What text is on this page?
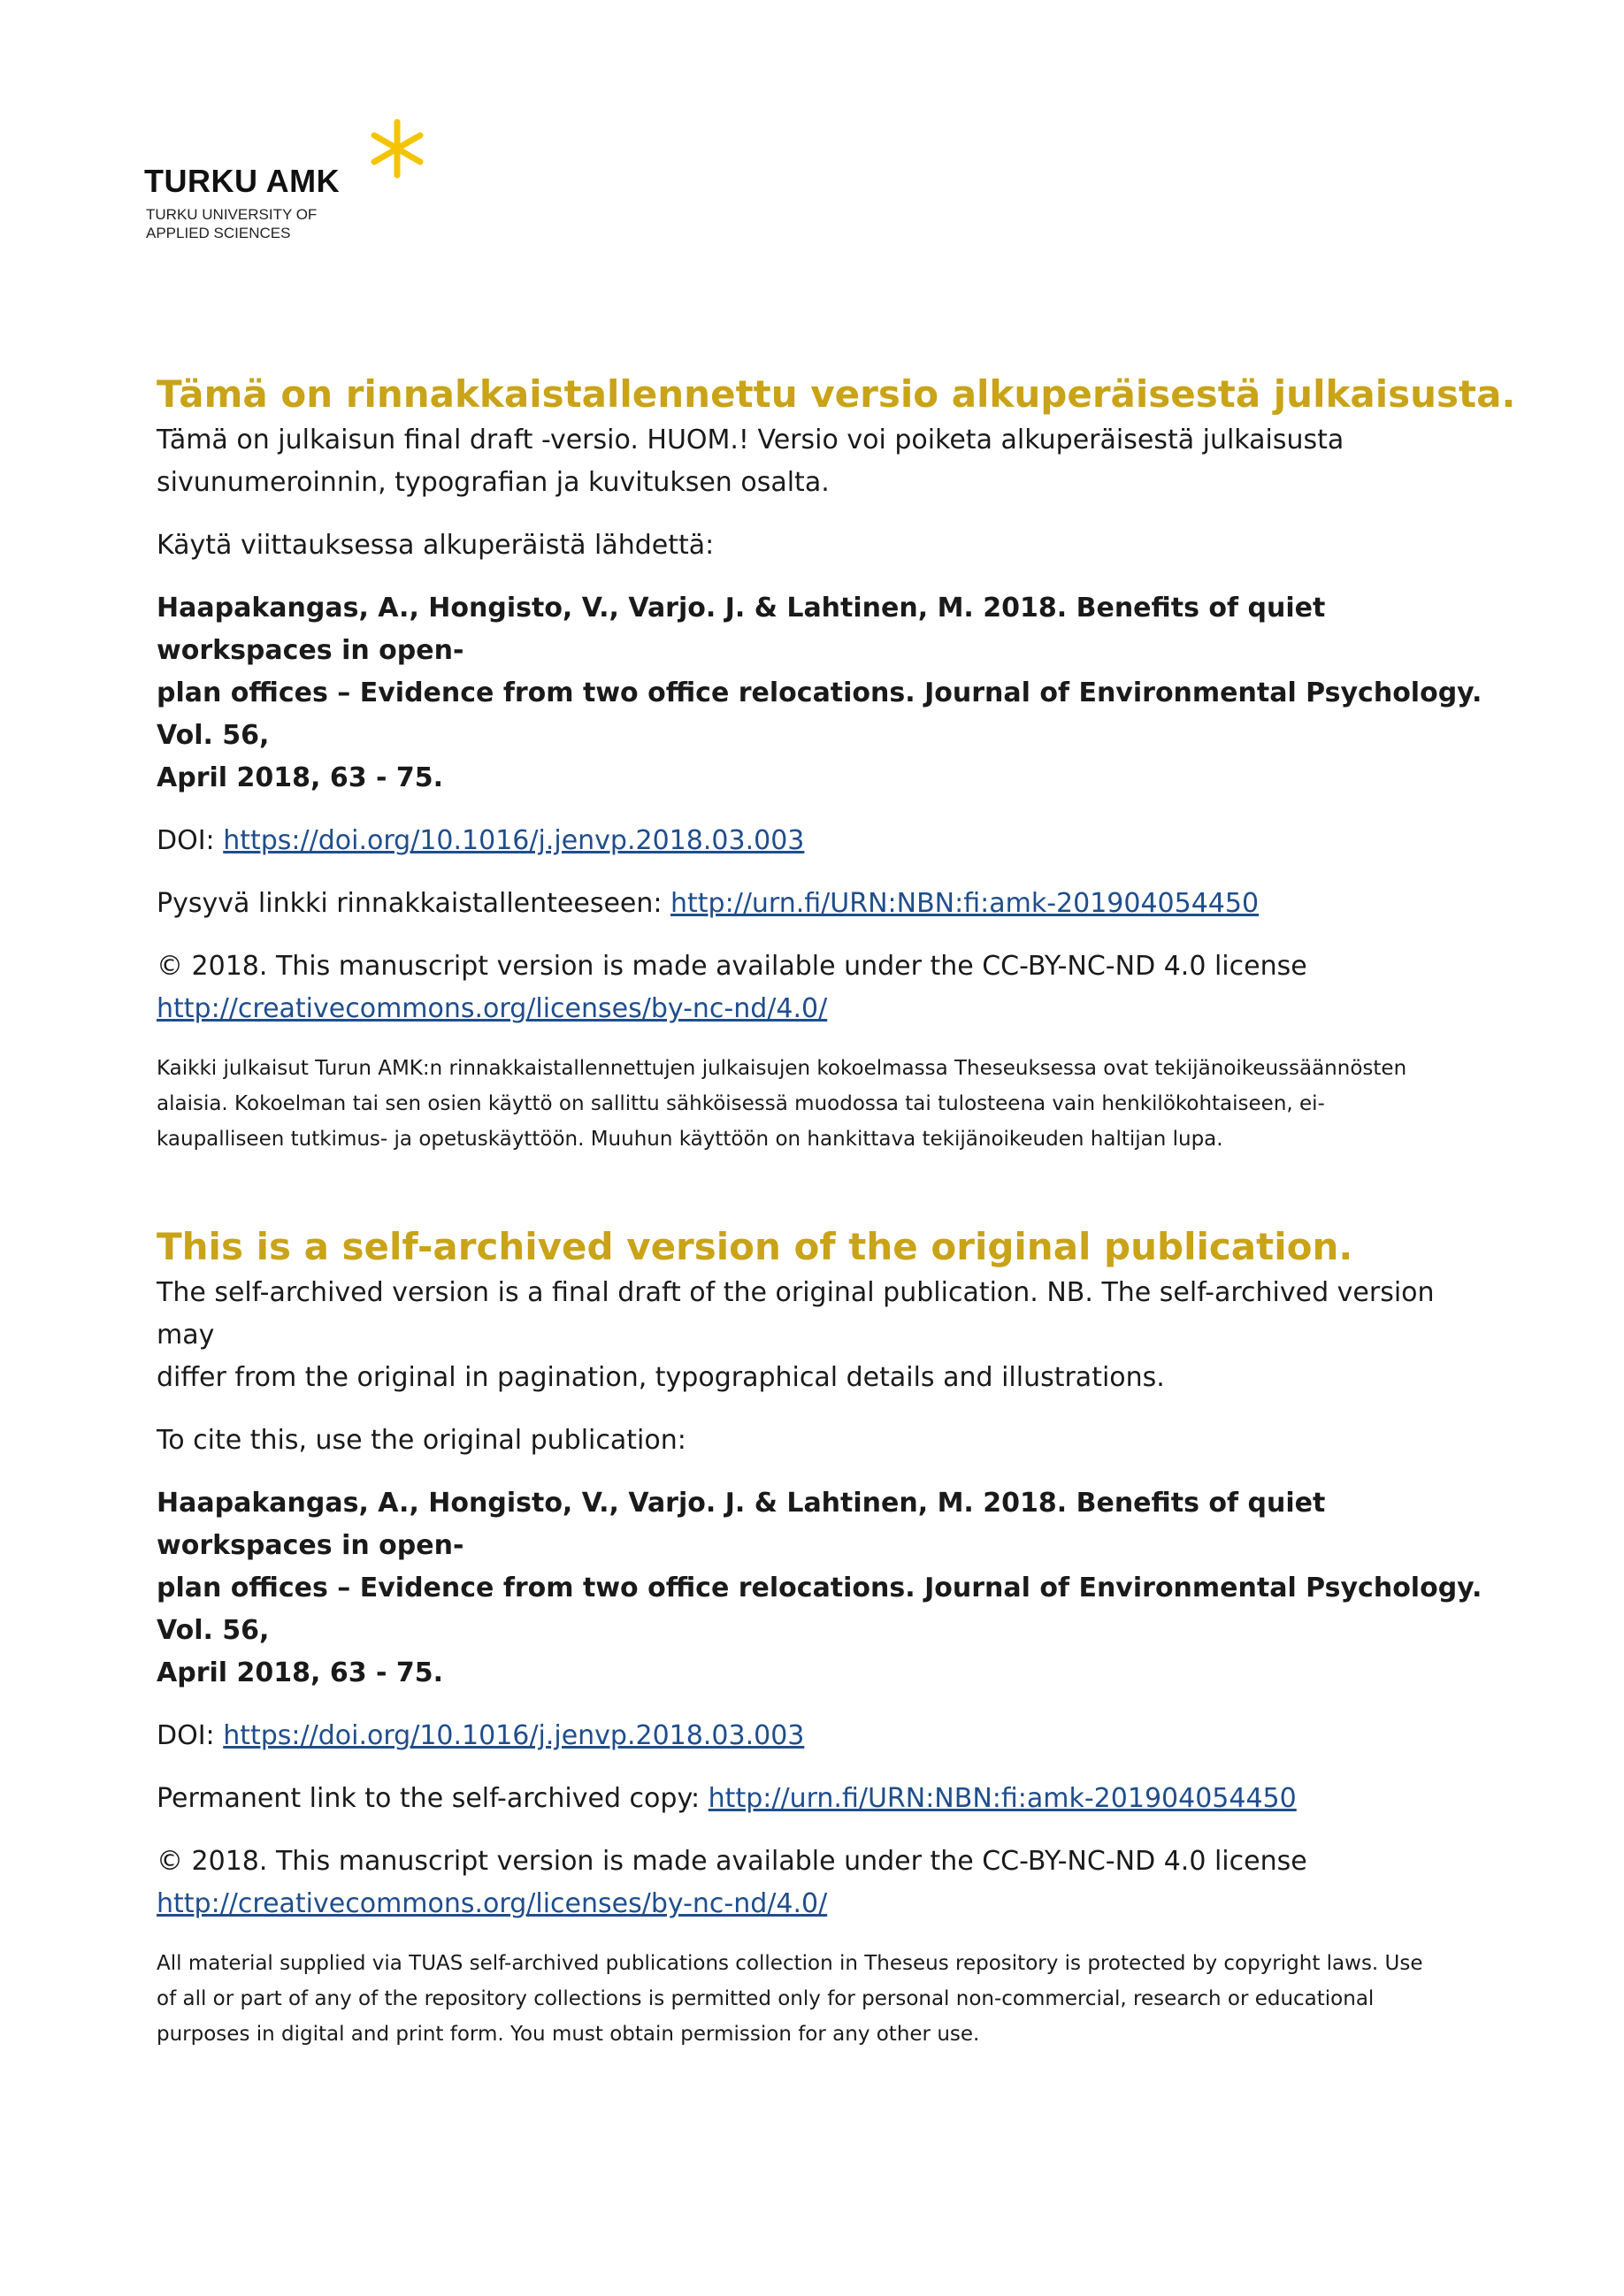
TURKU AMK
TURKU UNIVERSITY OF
APPLIED SCIENCES
Tämä on rinnakkaistallennettu versio alkuperäisestä julkaisusta.

Tämä on julkaisun final draft -versio. HUOM.! Versio voi poiketa alkuperäisestä julkaisusta

sivunumeroinnin, typografian ja kuvituksen osalta.

Käytä viittauksessa alkuperäistä lähdettä:

Haapakangas, A., Hongisto, V., Varjo. J. & Lahtinen, M. 2018. Benefits of quiet workspaces in open-

plan offices – Evidence from two office relocations. Journal of Environmental Psychology. Vol. 56,

April 2018, 63 - 75.

DOI: https://doi.org/10.1016/j.jenvp.2018.03.003

Pysyvä linkki rinnakkaistallenteeseen: http://urn.fi/URN:NBN:fi:amk-201904054450

© 2018. This manuscript version is made available under the CC-BY-NC-ND 4.0 license

http://creativecommons.org/licenses/by-nc-nd/4.0/

Kaikki julkaisut Turun AMK:n rinnakkaistallennettujen julkaisujen kokoelmassa Theseuksessa ovat tekijänoikeussäännösten

alaisia. Kokoelman tai sen osien käyttö on sallittu sähköisessä muodossa tai tulosteena vain henkilökohtaiseen, ei-

kaupalliseen tutkimus- ja opetuskäyttöön. Muuhun käyttöön on hankittava tekijänoikeuden haltijan lupa.

This is a self-archived version of the original publication.

The self-archived version is a final draft of the original publication. NB. The self-archived version may

differ from the original in pagination, typographical details and illustrations.

To cite this, use the original publication:

Haapakangas, A., Hongisto, V., Varjo. J. & Lahtinen, M. 2018. Benefits of quiet workspaces in open-

plan offices – Evidence from two office relocations. Journal of Environmental Psychology. Vol. 56,

April 2018, 63 - 75.

DOI: https://doi.org/10.1016/j.jenvp.2018.03.003

Permanent link to the self-archived copy: http://urn.fi/URN:NBN:fi:amk-201904054450

© 2018. This manuscript version is made available under the CC-BY-NC-ND 4.0 license

http://creativecommons.org/licenses/by-nc-nd/4.0/

All material supplied via TUAS self-archived publications collection in Theseus repository is protected by copyright laws. Use

of all or part of any of the repository collections is permitted only for personal non-commercial, research or educational

purposes in digital and print form. You must obtain permission for any other use.
